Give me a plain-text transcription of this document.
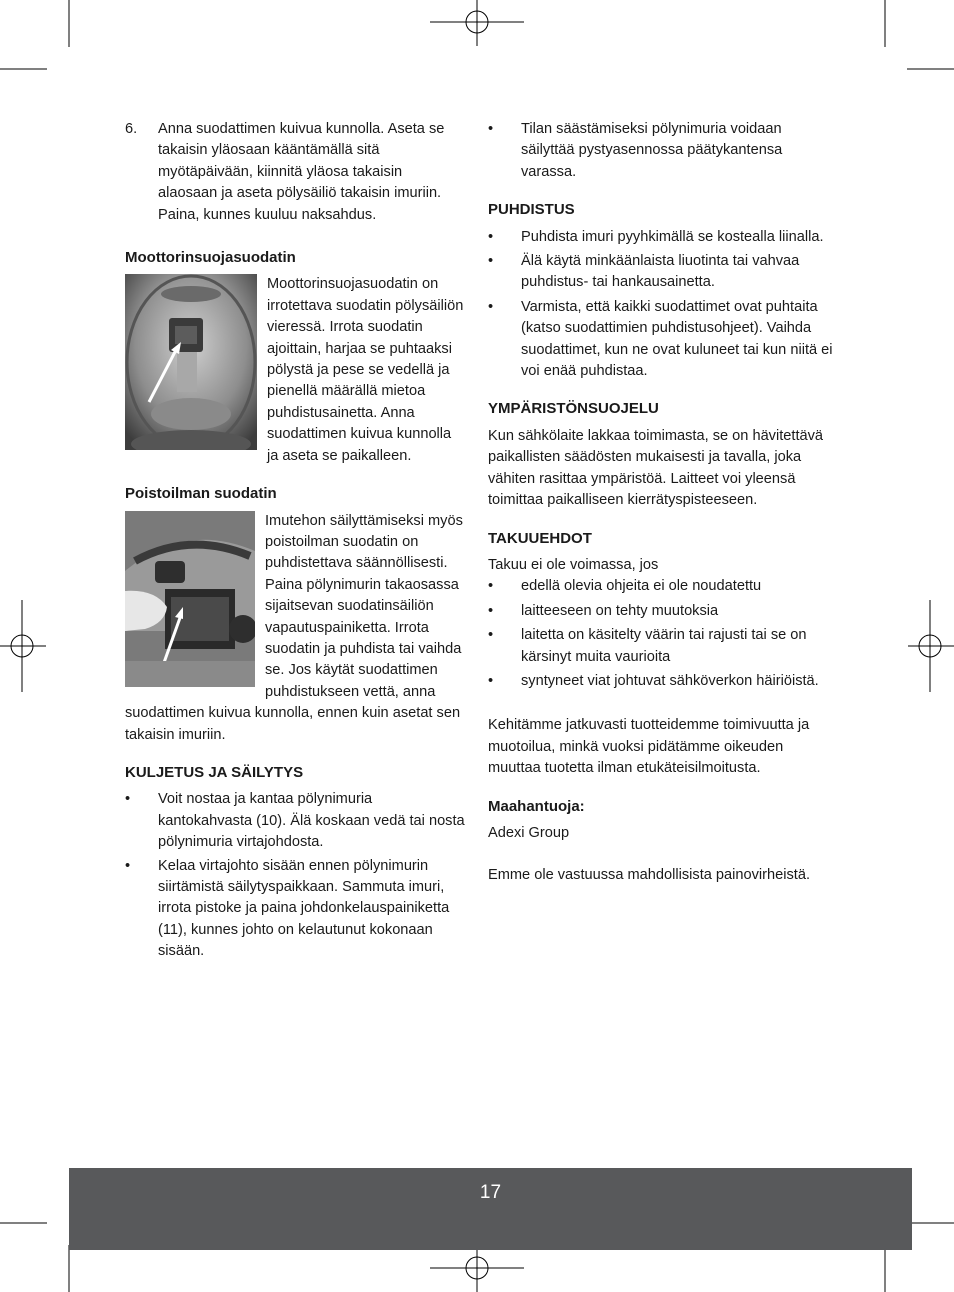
6.	Anna suodattimen kuivua kunnolla. Aseta se takaisin yläosaan kääntämällä sitä myötäpäivään, kiinnitä yläosa takaisin alaosaan ja aseta pölysäiliö takaisin imuriin. Paina, kunnes kuuluu naksahdus.

Moottorinsuojasuodatin

Moottorinsuojasuodatin on irrotettava suodatin pölysäiliön vieressä. Irrota suodatin ajoittain, harjaa se puhtaaksi pölystä ja pese se vedellä ja pienellä määrällä mietoa puhdistusainetta. Anna suodattimen kuivua kunnolla ja aseta se paikalleen.

Poistoilman suodatin

Imutehon säilyttämiseksi myös poistoilman suodatin on puhdistettava säännöllisesti. Paina pölynimurin takaosassa sijaitsevan suodatinsäiliön vapautuspainiketta. Irrota suodatin ja puhdista tai vaihda se. Jos käytät suodattimen puhdistukseen vettä, anna suodattimen kuivua kunnolla, ennen kuin asetat sen takaisin imuriin.

KULJETUS JA SÄILYTYS

• Voit nostaa ja kantaa pölynimuria kantokahvasta (10). Älä koskaan vedä tai nosta pölynimuria virtajohdosta.
• Kelaa virtajohto sisään ennen pölynimurin siirtämistä säilytyspaikkaan. Sammuta imuri, irrota pistoke ja paina johdonkelauspainiketta (11), kunnes johto on kelautunut kokonaan sisään.
• Tilan säästämiseksi pölynimuria voidaan säilyttää pystyasennossa päätykantensa varassa.

PUHDISTUS

• Puhdista imuri pyyhkimällä se kostealla liinalla.
• Älä käytä minkäänlaista liuotinta tai vahvaa puhdistus- tai hankausainetta.
• Varmista, että kaikki suodattimet ovat puhtaita (katso suodattimien puhdistusohjeet). Vaihda suodattimet, kun ne ovat kuluneet tai kun niitä ei voi enää puhdistaa.

YMPÄRISTÖNSUOJELU

Kun sähkölaite lakkaa toimimasta, se on hävitettävä paikallisten säädösten mukaisesti ja tavalla, joka vähiten rasittaa ympäristöä. Laitteet voi yleensä toimittaa paikalliseen kierrätyspisteeseen.

TAKUUEHDOT

Takuu ei ole voimassa, jos

• edellä olevia ohjeita ei ole noudatettu
• laitteeseen on tehty muutoksia
• laitetta on käsitelty väärin tai rajusti tai se on kärsinyt muita vaurioita
• syntyneet viat johtuvat sähköverkon häiriöistä.

Kehitämme jatkuvasti tuotteidemme toimivuutta ja muotoilua, minkä vuoksi pidätämme oikeuden muuttaa tuotetta ilman etukäteisilmoitusta.

Maahantuoja:

Adexi Group

Emme ole vastuussa mahdollisista painovirheistä.

17
